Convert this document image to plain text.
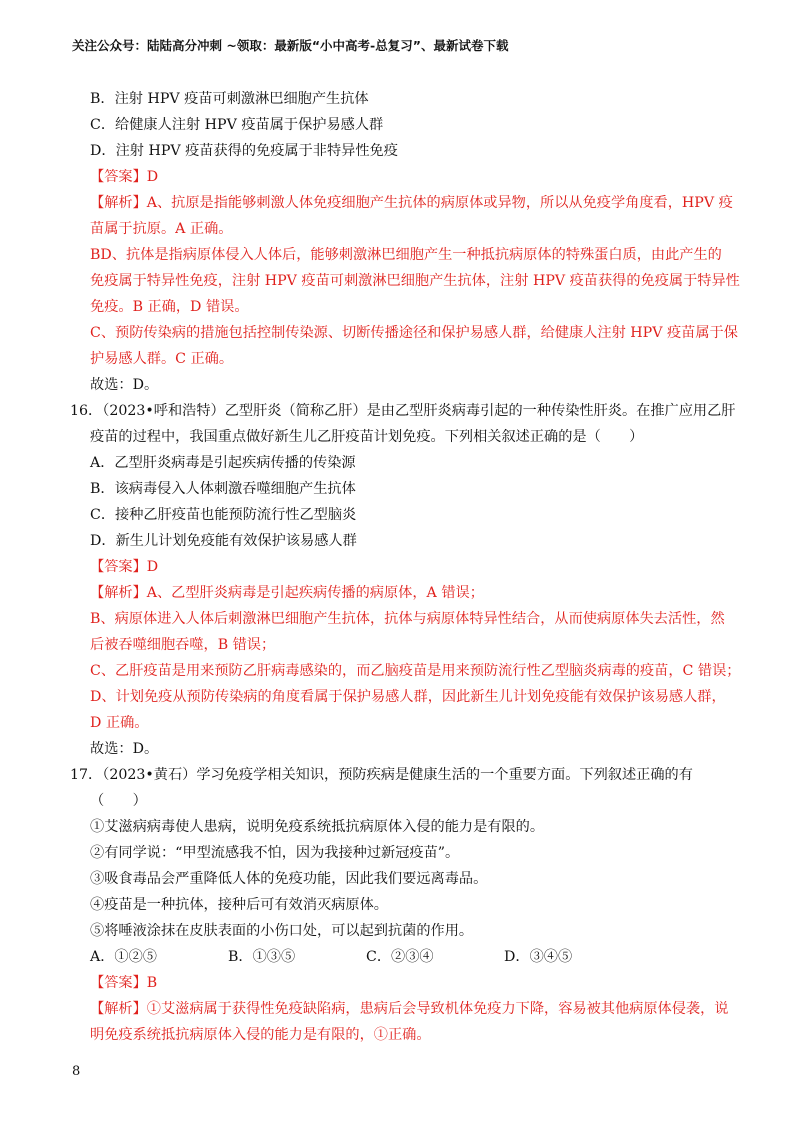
关注公众号：陆陆高分冲刺 ~领取：最新版“小中高考-总复习”、最新试卷下载
B．注射 HPV 疫苗可刺激淋巴细胞产生抗体
C．给健康人注射 HPV 疫苗属于保护易感人群
D．注射 HPV 疫苗获得的免疫属于非特异性免疫
【答案】D
【解析】A、抗原是指能够刺激人体免疫细胞产生抗体的病原体或异物，所以从免疫学角度看，HPV 疫
苗属于抗原。A 正确。
BD、抗体是指病原体侵入人体后，能够刺激淋巴细胞产生一种抵抗病原体的特殊蛋白质，由此产生的
免疫属于特异性免疫，注射 HPV 疫苗可刺激淋巴细胞产生抗体，注射 HPV 疫苗获得的免疫属于特异性
免疫。B 正确，D 错误。
C、预防传染病的措施包括控制传染源、切断传播途径和保护易感人群，给健康人注射 HPV 疫苗属于保
护易感人群。C 正确。
故选：D。
16．（2023•呼和浩特）乙型肝炎（简称乙肝）是由乙型肝炎病毒引起的一种传染性肝炎。在推广应用乙肝
疫苗的过程中，我国重点做好新生儿乙肝疫苗计划免疫。下列相关叙述正确的是（　　）
A．乙型肝炎病毒是引起疾病传播的传染源
B．该病毒侵入人体刺激吞噬细胞产生抗体
C．接种乙肝疫苗也能预防流行性乙型脑炎
D．新生儿计划免疫能有效保护该易感人群
【答案】D
【解析】A、乙型肝炎病毒是引起疾病传播的病原体，A 错误；
B、病原体进入人体后刺激淋巴细胞产生抗体，抗体与病原体特异性结合，从而使病原体失去活性，然
后被吞噬细胞吞噬，B 错误；
C、乙肝疫苗是用来预防乙肝病毒感染的，而乙脑疫苗是用来预防流行性乙型脑炎病毒的疫苗，C 错误；
D、计划免疫从预防传染病的角度看属于保护易感人群，因此新生儿计划免疫能有效保护该易感人群，
D 正确。
故选：D。
17．（2023•黄石）学习免疫学相关知识，预防疾病是健康生活的一个重要方面。下列叙述正确的有
（　　）
①艾滋病病毒使人患病，说明免疫系统抵抗病原体入侵的能力是有限的。
②有同学说：“甲型流感我不怕，因为我接种过新冠疫苗”。
③吸食毒品会严重降低人体的免疫功能，因此我们要远离毒品。
④疫苗是一种抗体，接种后可有效消灭病原体。
⑤将唾液涂抹在皮肤表面的小伤口处，可以起到抗菌的作用。
A．①②⑤	B．①③⑤	C．②③④	D．③④⑤
【答案】B
【解析】①艾滋病属于获得性免疫缺陷病，患病后会导致机体免疫力下降，容易被其他病原体侵袭，说
明免疫系统抵抗病原体入侵的能力是有限的，①正确。
8
